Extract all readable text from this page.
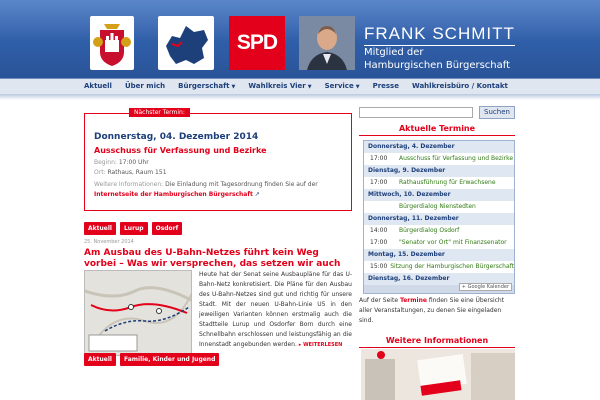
SPD	FRANK SCHMITT
Mitglied der
Hamburgischen Bürgerschaft
Aktuell Über mich Bürgerschaft ▼ Wahlkreis Vier ▼ Service ▼ Presse Wahlkreisbüro / Kontakt
Nächster Termin:
Donnerstag, 04. Dezember 2014
Ausschuss für Verfassung und Bezirke
Beginn: 17:00 Uhr
Ort: Rathaus, Raum 151
Weitere Informationen: Die Einladung mit Tagesordnung finden Sie auf der Internetseite der Hamburgischen Bürgerschaft ↗
Aktuell	Lurup	Osdorf
25. November 2014
Am Ausbau des U-Bahn-Netzes führt kein Weg vorbei – Was wir versprechen, das setzen wir auch
Heute hat der Senat seine Ausbaupläne für das U-Bahn-Netz konkretisiert. Die Pläne für den Ausbau des U-Bahn-Netzes sind gut und richtig für unsere Stadt. Mit der neuen U-Bahn-Linie U5 in den jeweiligen Varianten können erstmalig auch die Stadtteile Lurup und Osdorfer Born durch eine Schnellbahn erschlossen und leistungsfähig an die Innenstadt angebunden werden. ▸ WEITERLESEN
Aktuell	Familie, Kinder und Jugend
Suchen
Aktuelle Termine
Donnerstag, 4. Dezember
17:00	Ausschuss für Verfassung und Bezirke
Dienstag, 9. Dezember
17:00	Rathausführung für Erwachsene
Mittwoch, 10. Dezember
Bürgerdialog Nienstedten
Donnerstag, 11. Dezember
14:00	Bürgerdialog Osdorf
17:00	"Senator vor Ort" mit Finanzsenator
Montag, 15. Dezember
15:00 Sitzung der Hamburgischen Bürgerschaft
Dienstag, 16. Dezember
+ Google Kalender
Auf der Seite Termine finden Sie eine Übersicht aller Veranstaltungen, zu denen Sie eingeladen sind.
Weitere Informationen
